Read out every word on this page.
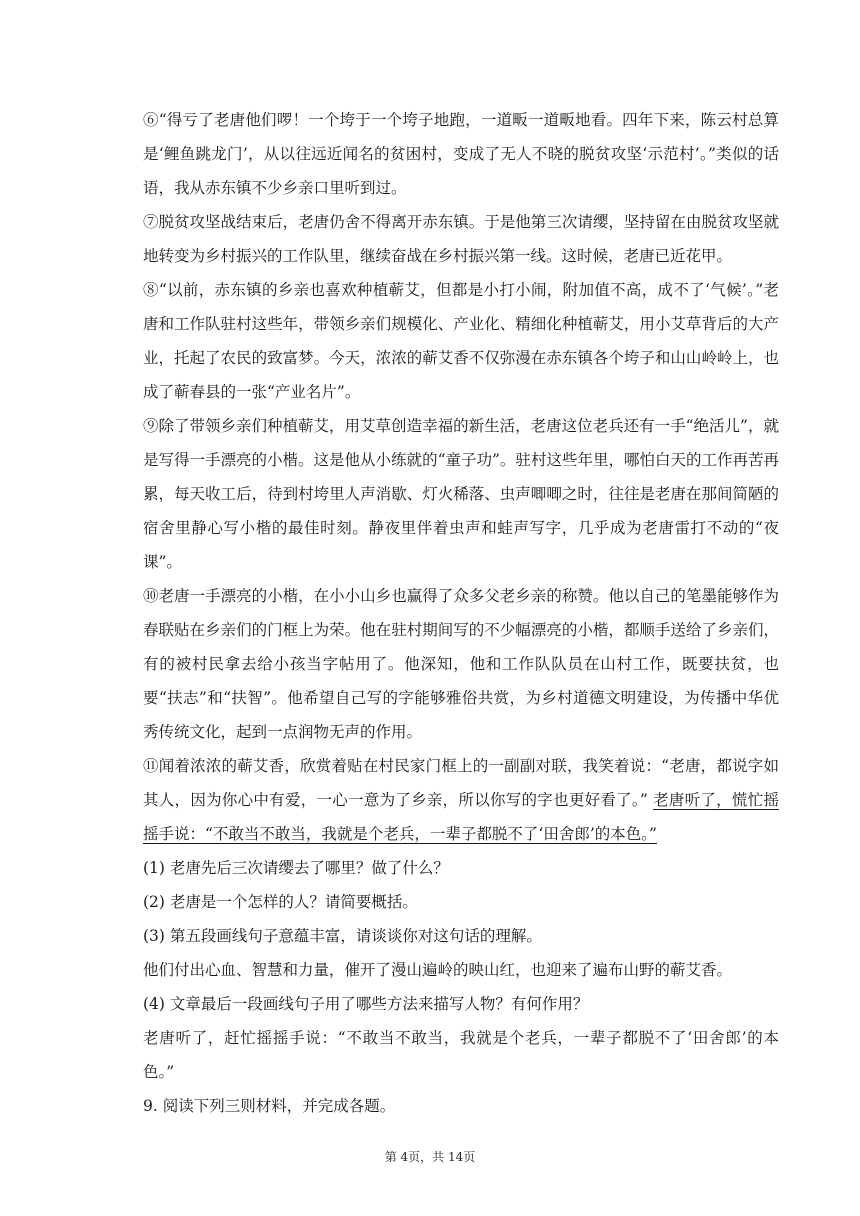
⑥“得亏了老唐他们啰！一个垮于一个垮子地跑，一道畈一道畈地看。四年下来，陈云村总算是‘鲤鱼跳龙门’，从以往远近闻名的贫困村，变成了无人不晓的脱贫攻坚‘示范村’。”类似的话语，我从赤东镇不少乡亲口里听到过。

⑦脱贫攻坚战结束后，老唐仍舍不得离开赤东镇。于是他第三次请缨，坚持留在由脱贫攻坚就地转变为乡村振兴的工作队里，继续奋战在乡村振兴第一线。这时候，老唐已近花甲。

⑧“以前，赤东镇的乡亲也喜欢种植蕲艾，但都是小打小闹，附加值不高，成不了‘气候’。”老唐和工作队驻村这些年，带领乡亲们规模化、产业化、精细化种植蕲艾，用小艾草背后的大产业，托起了农民的致富梦。今天，浓浓的蕲艾香不仅弥漫在赤东镇各个垮子和山山岭岭上，也成了蕲春县的一张“产业名片”。

⑨除了带领乡亲们种植蕲艾，用艾草创造幸福的新生活，老唐这位老兵还有一手“绝活儿”，就是写得一手漂亮的小楷。这是他从小练就的“童子功”。驻村这些年里，哪怕白天的工作再苦再累，每天收工后，待到村垮里人声消歇、灯火稀落、虫声唧唧之时，往往是老唐在那间简陋的宿舍里静心写小楷的最佳时刻。静夜里伴着虫声和蛙声写字，几乎成为老唐雷打不动的“夜课”。

⑩老唐一手漂亮的小楷，在小小山乡也赢得了众多父老乡亲的称赞。他以自己的笔墨能够作为春联贴在乡亲们的门框上为荣。他在驻村期间写的不少幅漂亮的小楷，都顺手送给了乡亲们，有的被村民拿去给小孩当字帖用了。他深知，他和工作队队员在山村工作，既要扶贫，也要“扶志”和“扶智”。他希望自己写的字能够雅俗共赏，为乡村道德文明建设，为传播中华优秀传统文化，起到一点润物无声的作用。

⑪闻着浓浓的蕲艾香，欣赏着贴在村民家门框上的一副副对联，我笑着说：“老唐，都说字如其人，因为你心中有爱，一心一意为了乡亲，所以你写的字也更好看了。” 老唐听了，慌忙摇摇手说：“不敢当不敢当，我就是个老兵，一辈子都脱不了‘田舍郎’的本色。”

(1) 老唐先后三次请缨去了哪里？做了什么？

(2) 老唐是一个怎样的人？请简要概括。

(3) 第五段画线句子意蕴丰富，请谈谈你对这句话的理解。

他们付出心血、智慧和力量，催开了漫山遍岭的映山红，也迎来了遍布山野的蕲艾香。

(4) 文章最后一段画线句子用了哪些方法来描写人物？有何作用？

老唐听了，赶忙摇摇手说：“不敢当不敢当，我就是个老兵，一辈子都脱不了‘田舍郎’的本色。”

9. 阅读下列三则材料，并完成各题。

第 4页，共 14页
